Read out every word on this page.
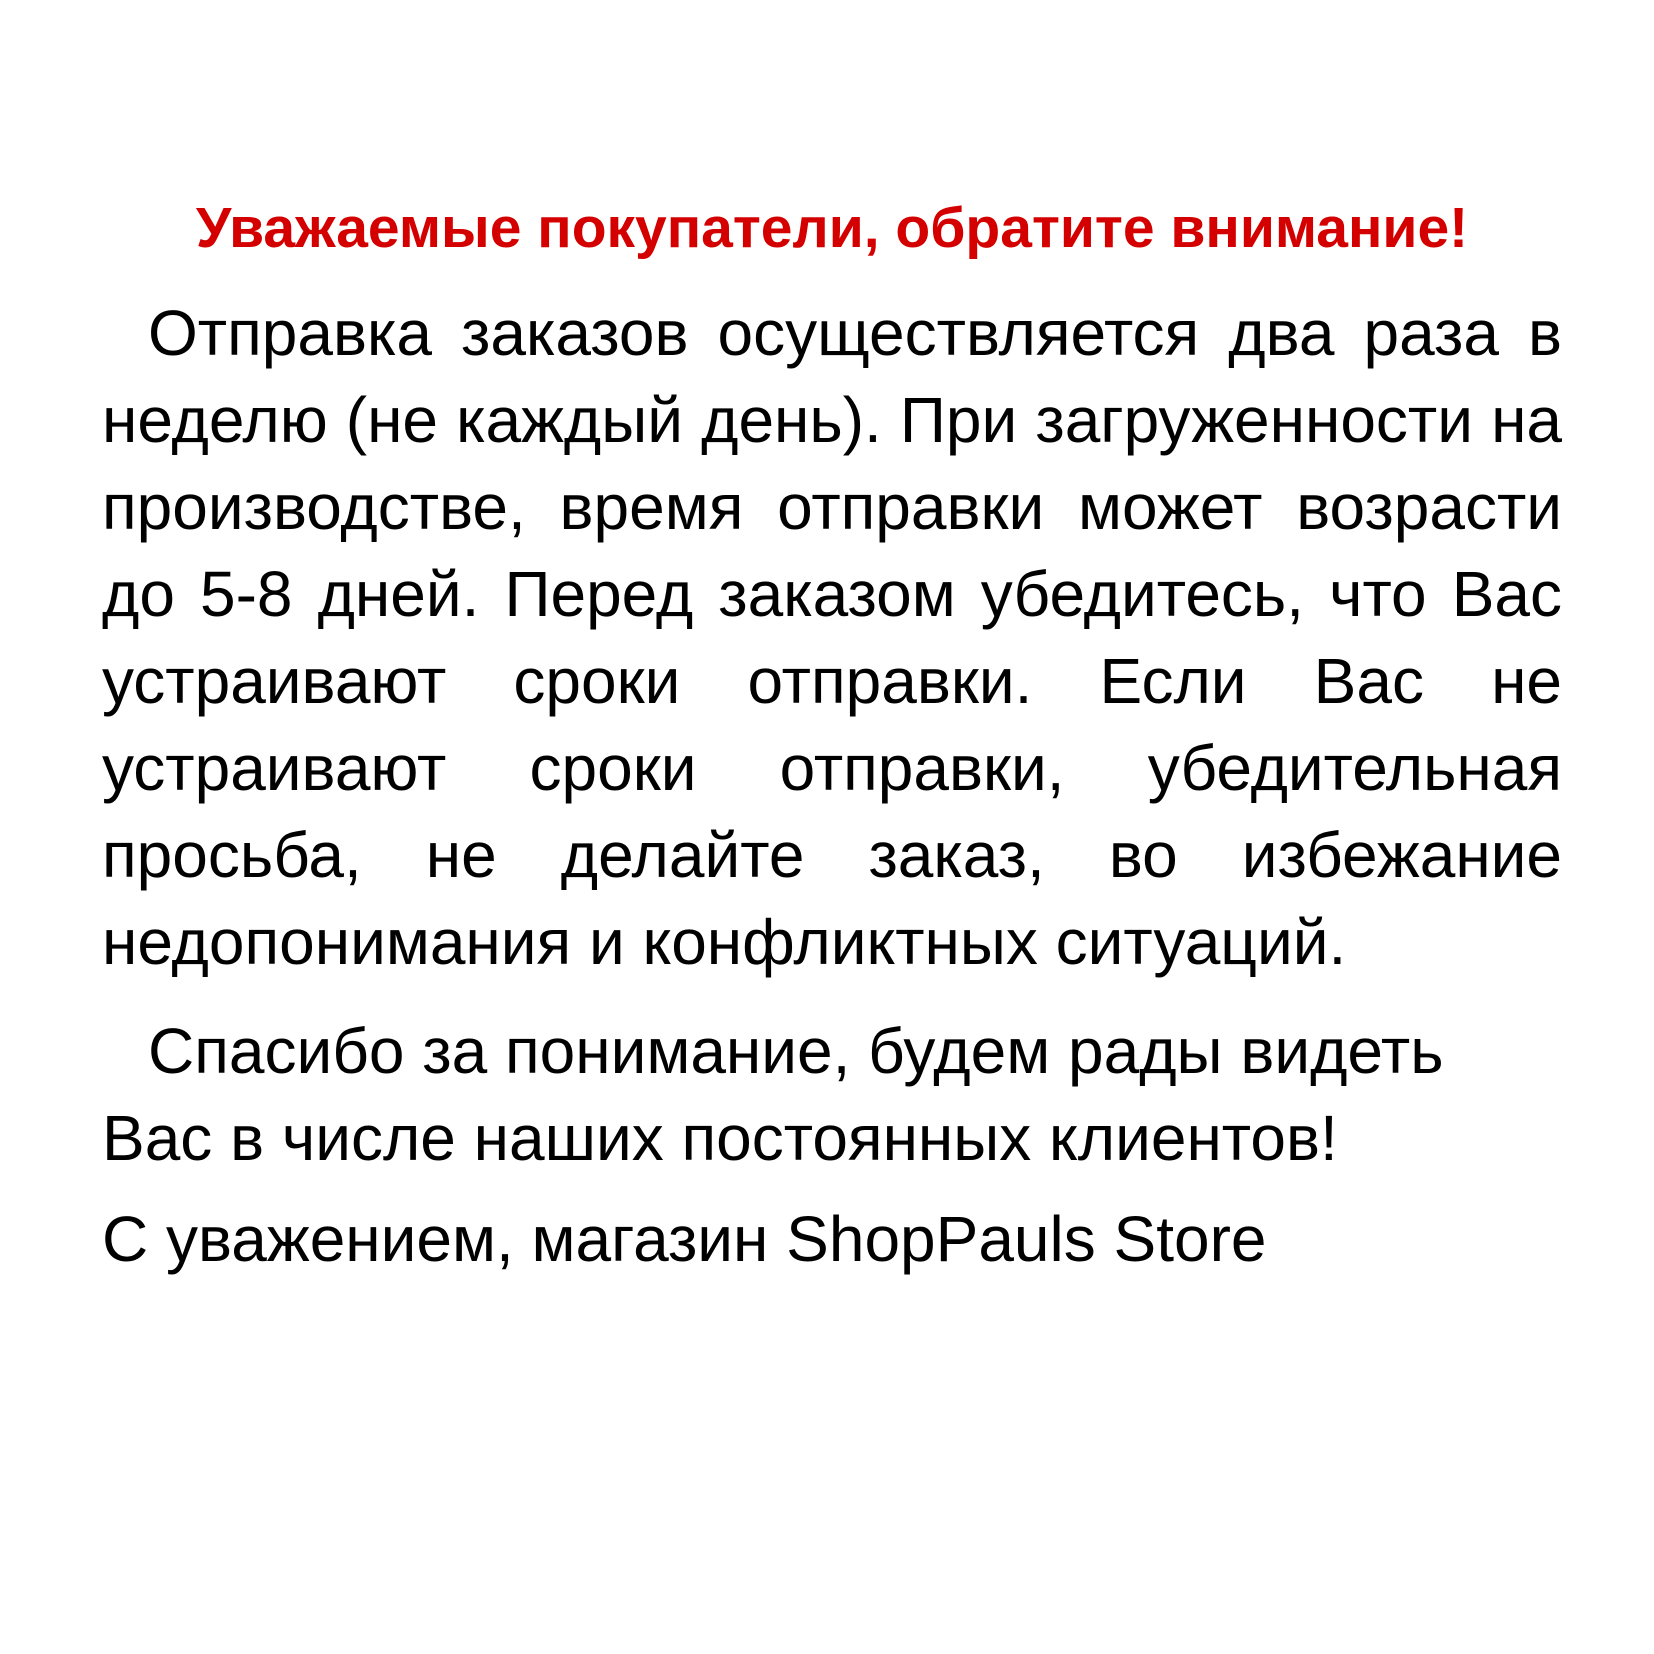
Уважаемые покупатели, обратите внимание!

Отправка заказов осуществляется два раза в неделю (не каждый день). При загруженности на производстве, время отправки может возрасти до 5-8 дней. Перед заказом убедитесь, что Вас устраивают сроки отправки. Если Вас не устраивают сроки отправки, убедительная просьба, не делайте заказ, во избежание недопонимания и конфликтных ситуаций.

Спасибо за понимание, будем рады видеть Вас в числе наших постоянных клиентов!

С уважением, магазин ShopPauls Store
